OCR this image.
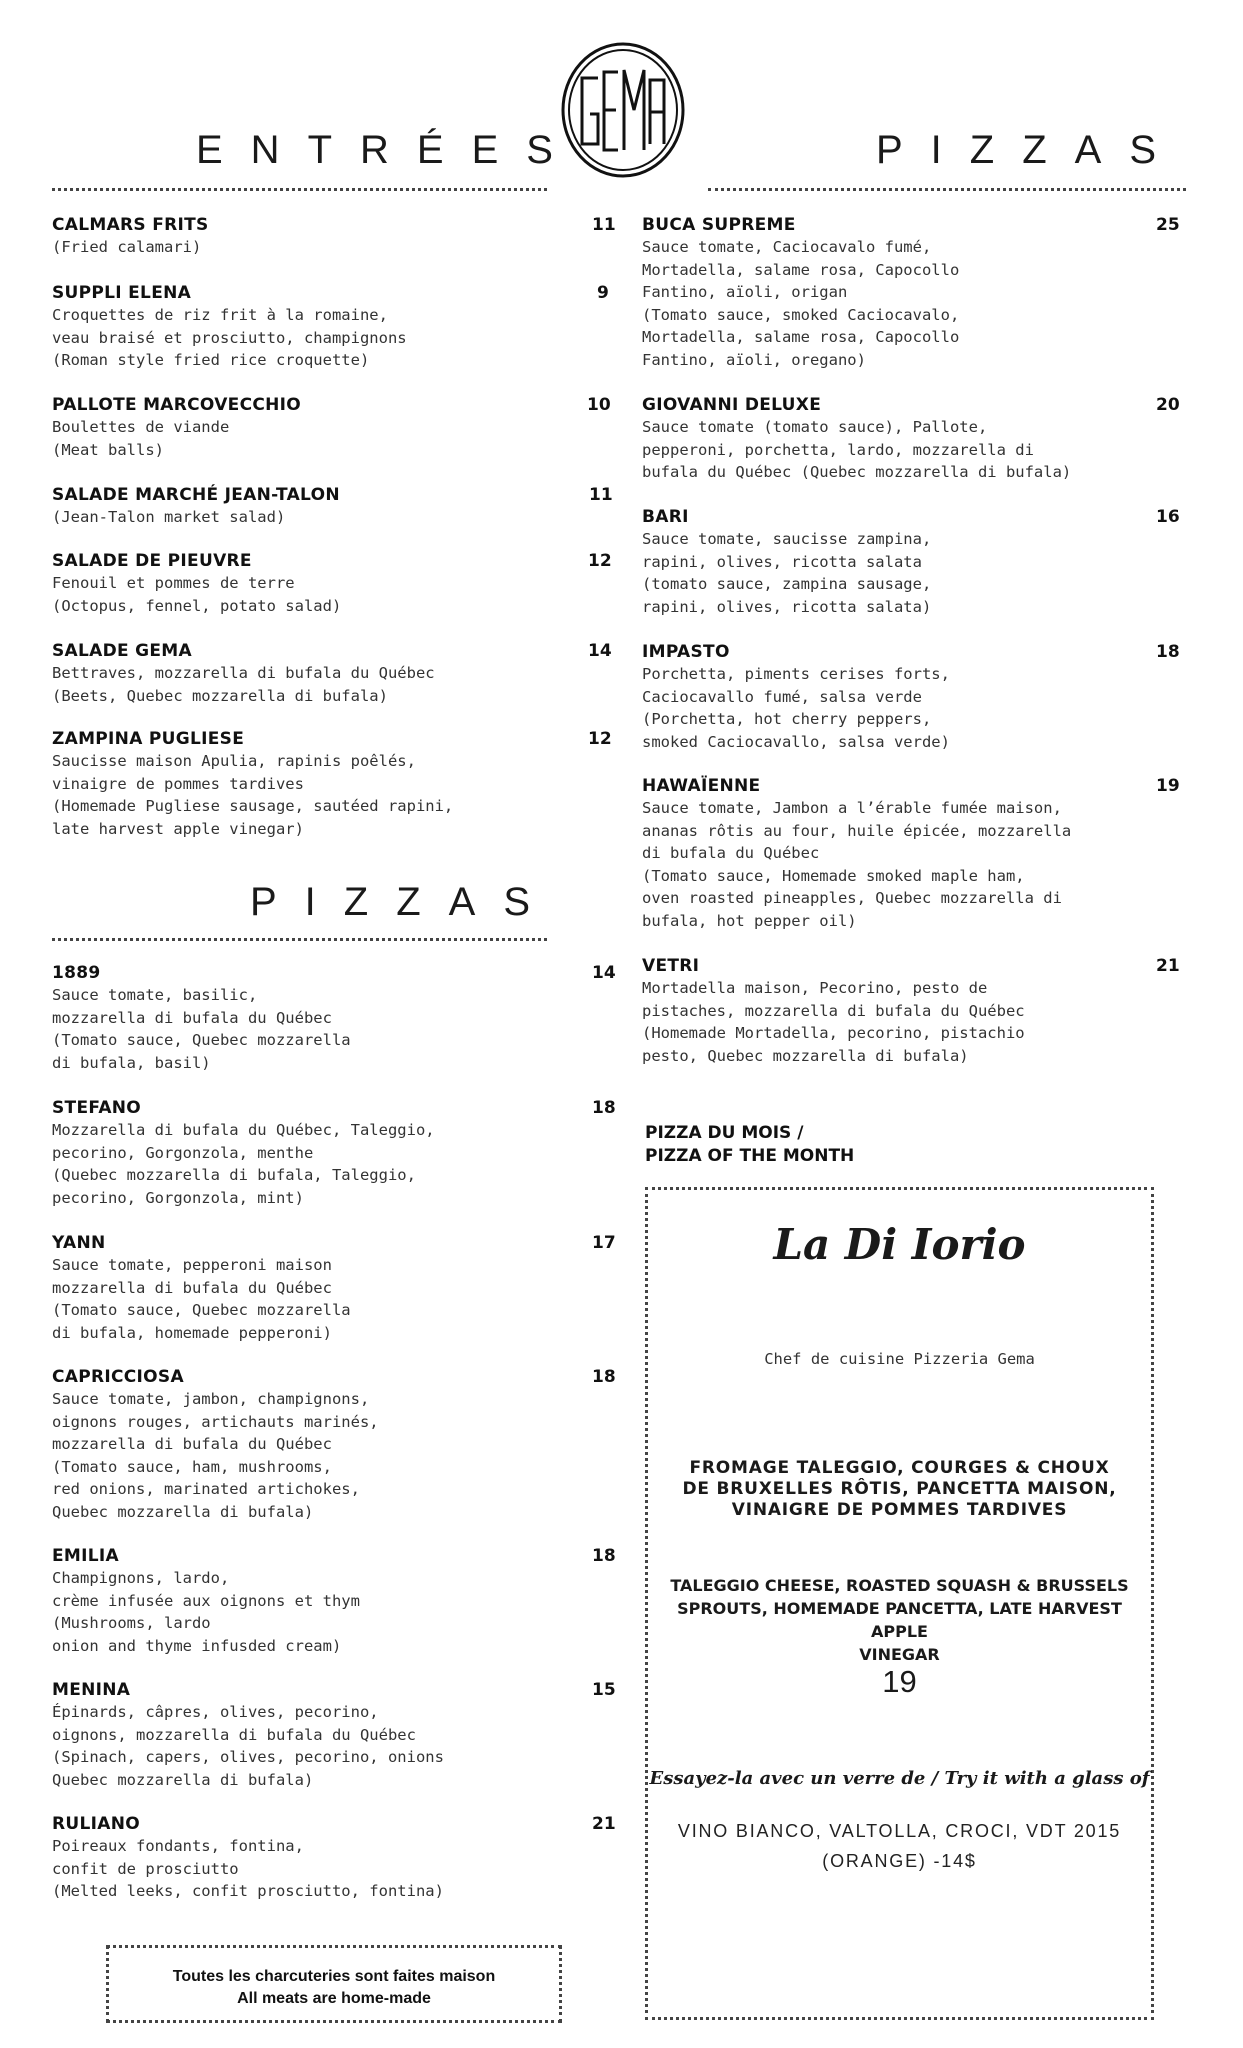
GEMA
ENTRÉES	PIZZAS
PIZZAS
CALMARS FRITS	11
(Fried calamari)
SUPPLI ELENA	9
Croquettes de riz frit à la romaine,
veau braisé et prosciutto, champignons
(Roman style fried rice croquette)
PALLOTE MARCOVECCHIO	10
Boulettes de viande
(Meat balls)
SALADE MARCHÉ JEAN-TALON	11
(Jean-Talon market salad)
SALADE DE PIEUVRE	12
Fenouil et pommes de terre
(Octopus, fennel, potato salad)
SALADE GEMA	14
Bettraves, mozzarella di bufala du Québec
(Beets, Quebec mozzarella di bufala)
ZAMPINA PUGLIESE	12
Saucisse maison Apulia, rapinis poêlés,
vinaigre de pommes tardives
(Homemade Pugliese sausage, sautéed rapini,
late harvest apple vinegar)
1889	14
Sauce tomate, basilic,
mozzarella di bufala du Québec
(Tomato sauce, Quebec mozzarella
di bufala, basil)
STEFANO	18
Mozzarella di bufala du Québec, Taleggio,
pecorino, Gorgonzola, menthe
(Quebec mozzarella di bufala, Taleggio,
pecorino, Gorgonzola, mint)
YANN	17
Sauce tomate, pepperoni maison
mozzarella di bufala du Québec
(Tomato sauce, Quebec mozzarella
di bufala, homemade pepperoni)
CAPRICCIOSA	18
Sauce tomate, jambon, champignons,
oignons rouges, artichauts marinés,
mozzarella di bufala du Québec
(Tomato sauce, ham, mushrooms,
red onions, marinated artichokes,
Quebec mozzarella di bufala)
EMILIA	18
Champignons, lardo,
crème infusée aux oignons et thym
(Mushrooms, lardo
onion and thyme infusded cream)
MENINA	15
Épinards, câpres, olives, pecorino,
oignons, mozzarella di bufala du Québec
(Spinach, capers, olives, pecorino, onions
Quebec mozzarella di bufala)
RULIANO	21
Poireaux fondants, fontina,
confit de prosciutto
(Melted leeks, confit prosciutto, fontina)
BUCA SUPREME	25
Sauce tomate, Caciocavalo fumé,
Mortadella, salame rosa, Capocollo
Fantino, aïoli, origan
(Tomato sauce, smoked Caciocavalo,
Mortadella, salame rosa, Capocollo
Fantino, aïoli, oregano)
GIOVANNI DELUXE	20
Sauce tomate (tomato sauce), Pallote,
pepperoni, porchetta, lardo, mozzarella di
bufala du Québec (Quebec mozzarella di bufala)
BARI	16
Sauce tomate, saucisse zampina,
rapini, olives, ricotta salata
(tomato sauce, zampina sausage,
rapini, olives, ricotta salata)
IMPASTO	18
Porchetta, piments cerises forts,
Caciocavallo fumé, salsa verde
(Porchetta, hot cherry peppers,
smoked Caciocavallo, salsa verde)
HAWAÏENNE	19
Sauce tomate, Jambon a l’érable fumée maison,
ananas rôtis au four, huile épicée, mozzarella
di bufala du Québec
(Tomato sauce, Homemade smoked maple ham,
oven roasted pineapples, Quebec mozzarella di
bufala, hot pepper oil)
VETRI	21
Mortadella maison, Pecorino, pesto de
pistaches, mozzarella di bufala du Québec
(Homemade Mortadella, pecorino, pistachio
pesto, Quebec mozzarella di bufala)
PIZZA DU MOIS /
PIZZA OF THE MONTH
La Di Iorio
Chef de cuisine Pizzeria Gema
FROMAGE TALEGGIO, COURGES & CHOUX
DE BRUXELLES RÔTIS, PANCETTA MAISON,
VINAIGRE DE POMMES TARDIVES
TALEGGIO CHEESE, ROASTED SQUASH & BRUSSELS
SPROUTS, HOMEMADE PANCETTA, LATE HARVEST APPLE
VINEGAR
19
Essayez-la avec un verre de / Try it with a glass of
VINO BIANCO, VALTOLLA, CROCI, VDT 2015
(ORANGE) -14$
Toutes les charcuteries sont faites maison
All meats are home-made
